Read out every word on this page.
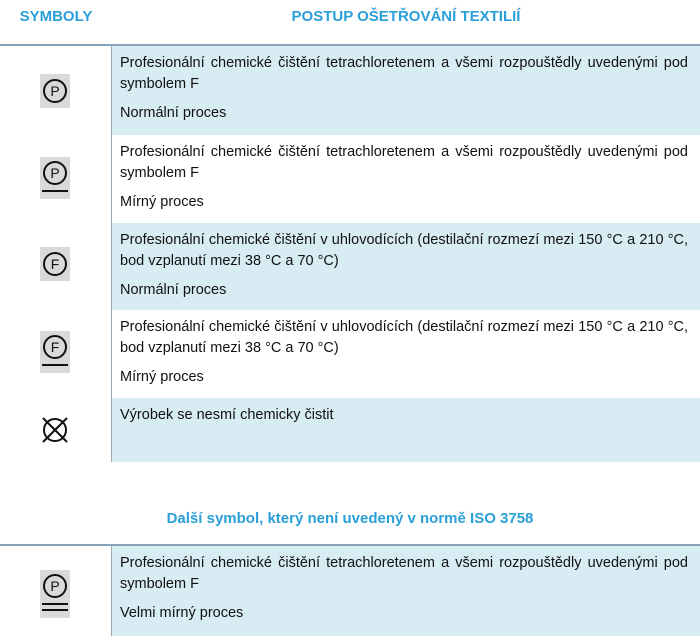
SYMBOLY	POSTUP OŠETŘOVÁNÍ TEXTILIÍ
P

Profesionální chemické čištění tetrachloretenem a všemi rozpouštědly uvedenými pod symbolem F

Normální proces

P

Profesionální chemické čištění tetrachloretenem a všemi rozpouštědly uvedenými pod symbolem F

Mírný proces

F

Profesionální chemické čištění v uhlovodících (destilační rozmezí mezi 150 °C a 210 °C, bod vzplanutí mezi 38 °C a 70 °C)

Normální proces

F

Profesionální chemické čištění v uhlovodících (destilační rozmezí mezi 150 °C a 210 °C, bod vzplanutí mezi 38 °C a 70 °C)

Mírný proces

Výrobek se nesmí chemicky čistit

Další symbol, který není uvedený v normě ISO 3758
P

Profesionální chemické čištění tetrachloretenem a všemi rozpouštědly uvedenými pod symbolem F

Velmi mírný proces
